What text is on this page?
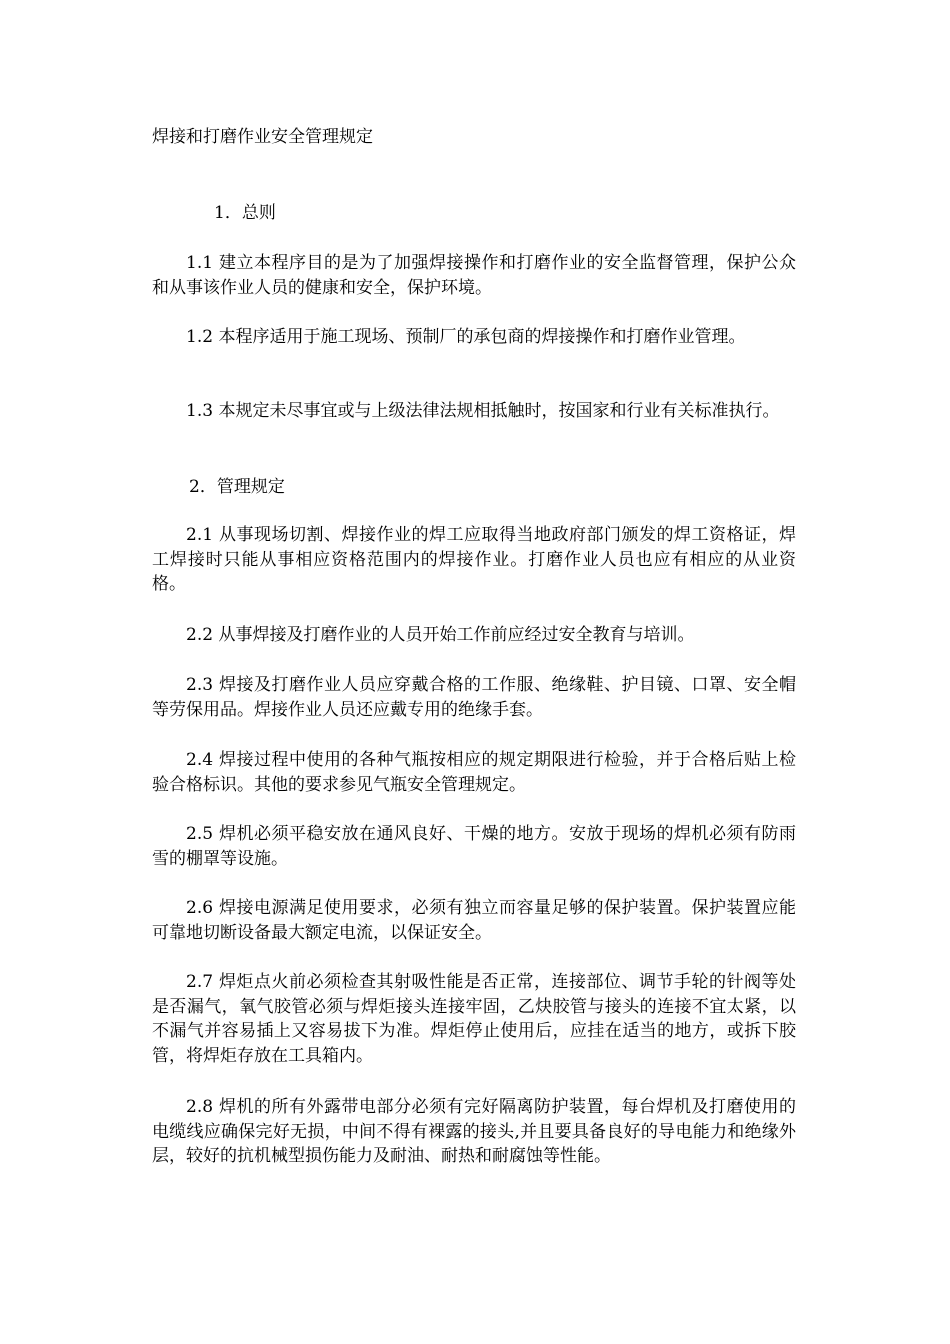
焊接和打磨作业安全管理规定
1．总则

1.1 建立本程序目的是为了加强焊接操作和打磨作业的安全监督管理，保护公众和从事该作业人员的健康和安全，保护环境。

1.2 本程序适用于施工现场、预制厂的承包商的焊接操作和打磨作业管理。

1.3 本规定未尽事宜或与上级法律法规相抵触时，按国家和行业有关标准执行。

2．管理规定

2.1 从事现场切割、焊接作业的焊工应取得当地政府部门颁发的焊工资格证，焊工焊接时只能从事相应资格范围内的焊接作业。打磨作业人员也应有相应的从业资格。

2.2 从事焊接及打磨作业的人员开始工作前应经过安全教育与培训。

2.3 焊接及打磨作业人员应穿戴合格的工作服、绝缘鞋、护目镜、口罩、安全帽等劳保用品。焊接作业人员还应戴专用的绝缘手套。

2.4 焊接过程中使用的各种气瓶按相应的规定期限进行检验，并于合格后贴上检验合格标识。其他的要求参见气瓶安全管理规定。

2.5 焊机必须平稳安放在通风良好、干燥的地方。安放于现场的焊机必须有防雨雪的棚罩等设施。

2.6 焊接电源满足使用要求，必须有独立而容量足够的保护装置。保护装置应能可靠地切断设备最大额定电流，以保证安全。

2.7 焊炬点火前必须检查其射吸性能是否正常，连接部位、调节手轮的针阀等处是否漏气，氧气胶管必须与焊炬接头连接牢固，乙炔胶管与接头的连接不宜太紧，以不漏气并容易插上又容易拔下为准。焊炬停止使用后，应挂在适当的地方，或拆下胶管，将焊炬存放在工具箱内。

2.8 焊机的所有外露带电部分必须有完好隔离防护装置，每台焊机及打磨使用的电缆线应确保完好无损，中间不得有裸露的接头,并且要具备良好的导电能力和绝缘外层，较好的抗机械型损伤能力及耐油、耐热和耐腐蚀等性能。
